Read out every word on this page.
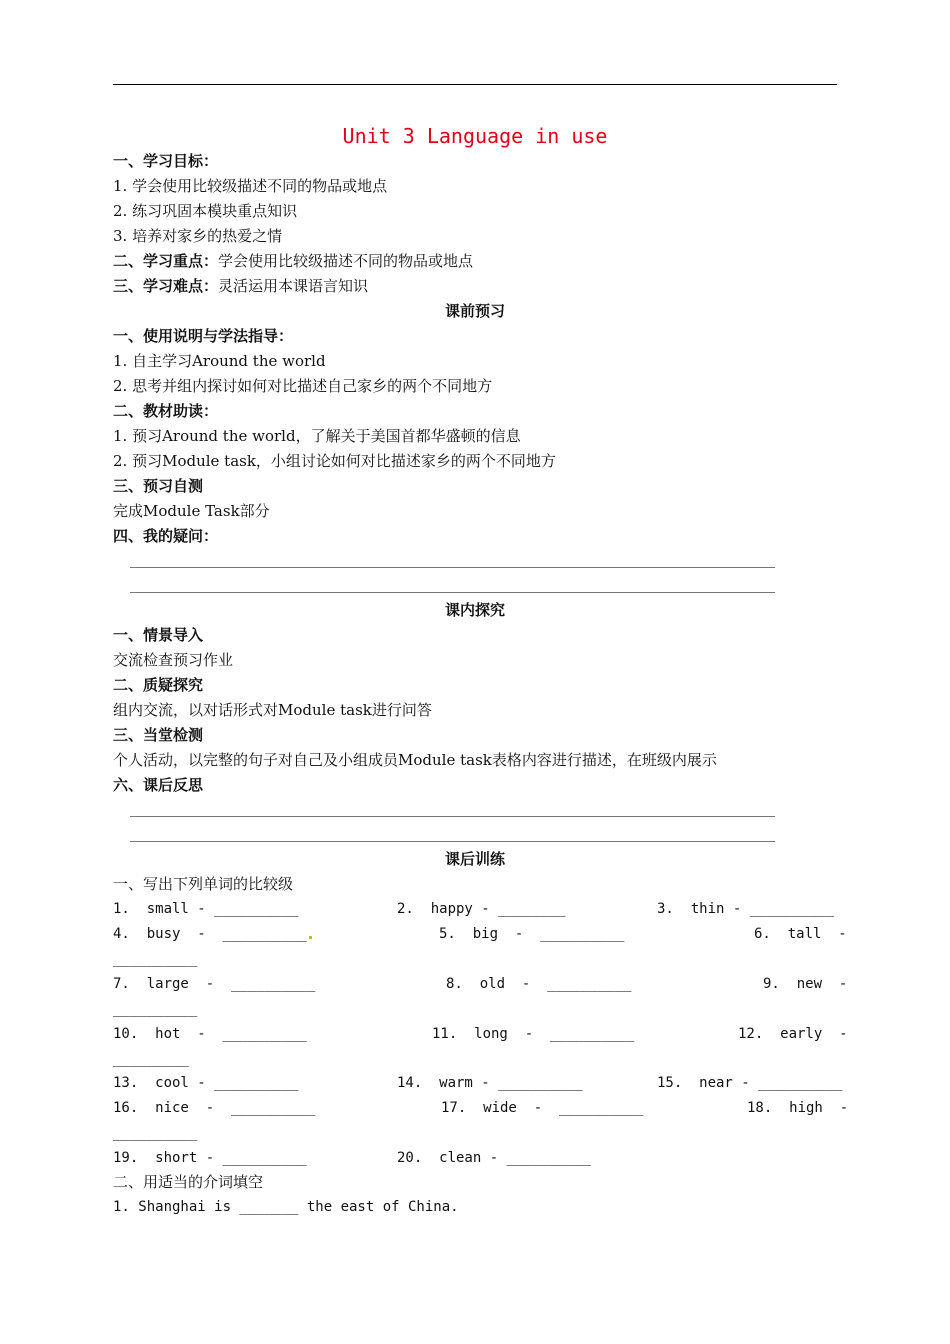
Unit 3 Language in use
一、学习目标：
1. 学会使用比较级描述不同的物品或地点
2. 练习巩固本模块重点知识
3. 培养对家乡的热爱之情
二、学习重点：学会使用比较级描述不同的物品或地点
三、学习难点：灵活运用本课语言知识
课前预习
一、使用说明与学法指导：
1. 自主学习Around the world
2. 思考并组内探讨如何对比描述自己家乡的两个不同地方
二、教材助读：
1. 预习Around the world，了解关于美国首都华盛顿的信息
2. 预习Module task，小组讨论如何对比描述家乡的两个不同地方
三、预习自测
完成Module Task部分
四、我的疑问：
课内探究
一、情景导入
交流检查预习作业
二、质疑探究
组内交流，以对话形式对Module task进行问答
三、当堂检测
个人活动，以完整的句子对自己及小组成员Module task表格内容进行描述，在班级内展示
六、课后反思
课后训练
一、写出下列单词的比较级
1.  small - __________	2.  happy - ________	3.  thin - __________
4.  busy  -  __________	5.  big  -  __________	6.  tall  -
__________
7.  large  -  __________	8.  old  -  __________	9.  new  -
__________
10.  hot  -  __________	11.  long  -  __________	12.  early  -
_________
13.  cool - __________	14.  warm - __________	15.  near - __________
16.  nice  -  __________	17.  wide  -  __________	18.  high  -
__________
19.  short - __________	20.  clean - __________
二、用适当的介词填空
1. Shanghai is _______ the east of China.
